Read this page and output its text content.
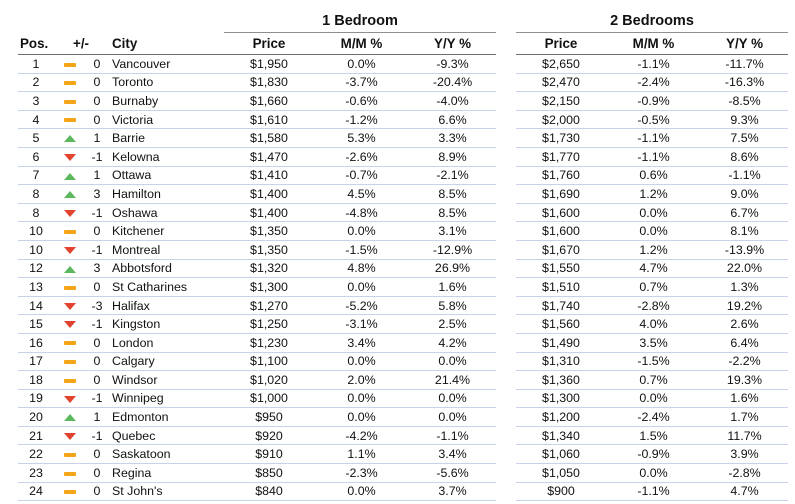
				1 Bedroom				2 Bedrooms		
Pos.	+/-		City	Price	M/M %	Y/Y %		Price	M/M %	Y/Y %
1		0	Vancouver	$1,950	0.0%	-9.3%		$2,650	-1.1%	-11.7%
2		0	Toronto	$1,830	-3.7%	-20.4%		$2,470	-2.4%	-16.3%
3		0	Burnaby	$1,660	-0.6%	-4.0%		$2,150	-0.9%	-8.5%
4		0	Victoria	$1,610	-1.2%	6.6%		$2,000	-0.5%	9.3%
5		1	Barrie	$1,580	5.3%	3.3%		$1,730	-1.1%	7.5%
6		-1	Kelowna	$1,470	-2.6%	8.9%		$1,770	-1.1%	8.6%
7		1	Ottawa	$1,410	-0.7%	-2.1%		$1,760	0.6%	-1.1%
8		3	Hamilton	$1,400	4.5%	8.5%		$1,690	1.2%	9.0%
8		-1	Oshawa	$1,400	-4.8%	8.5%		$1,600	0.0%	6.7%
10		0	Kitchener	$1,350	0.0%	3.1%		$1,600	0.0%	8.1%
10		-1	Montreal	$1,350	-1.5%	-12.9%		$1,670	1.2%	-13.9%
12		3	Abbotsford	$1,320	4.8%	26.9%		$1,550	4.7%	22.0%
13		0	St Catharines	$1,300	0.0%	1.6%		$1,510	0.7%	1.3%
14		-3	Halifax	$1,270	-5.2%	5.8%		$1,740	-2.8%	19.2%
15		-1	Kingston	$1,250	-3.1%	2.5%		$1,560	4.0%	2.6%
16		0	London	$1,230	3.4%	4.2%		$1,490	3.5%	6.4%
17		0	Calgary	$1,100	0.0%	0.0%		$1,310	-1.5%	-2.2%
18		0	Windsor	$1,020	2.0%	21.4%		$1,360	0.7%	19.3%
19		-1	Winnipeg	$1,000	0.0%	0.0%		$1,300	0.0%	1.6%
20		1	Edmonton	$950	0.0%	0.0%		$1,200	-2.4%	1.7%
21		-1	Quebec	$920	-4.2%	-1.1%		$1,340	1.5%	11.7%
22		0	Saskatoon	$910	1.1%	3.4%		$1,060	-0.9%	3.9%
23		0	Regina	$850	-2.3%	-5.6%		$1,050	0.0%	-2.8%
24		0	St John's	$840	0.0%	3.7%		$900	-1.1%	4.7%
